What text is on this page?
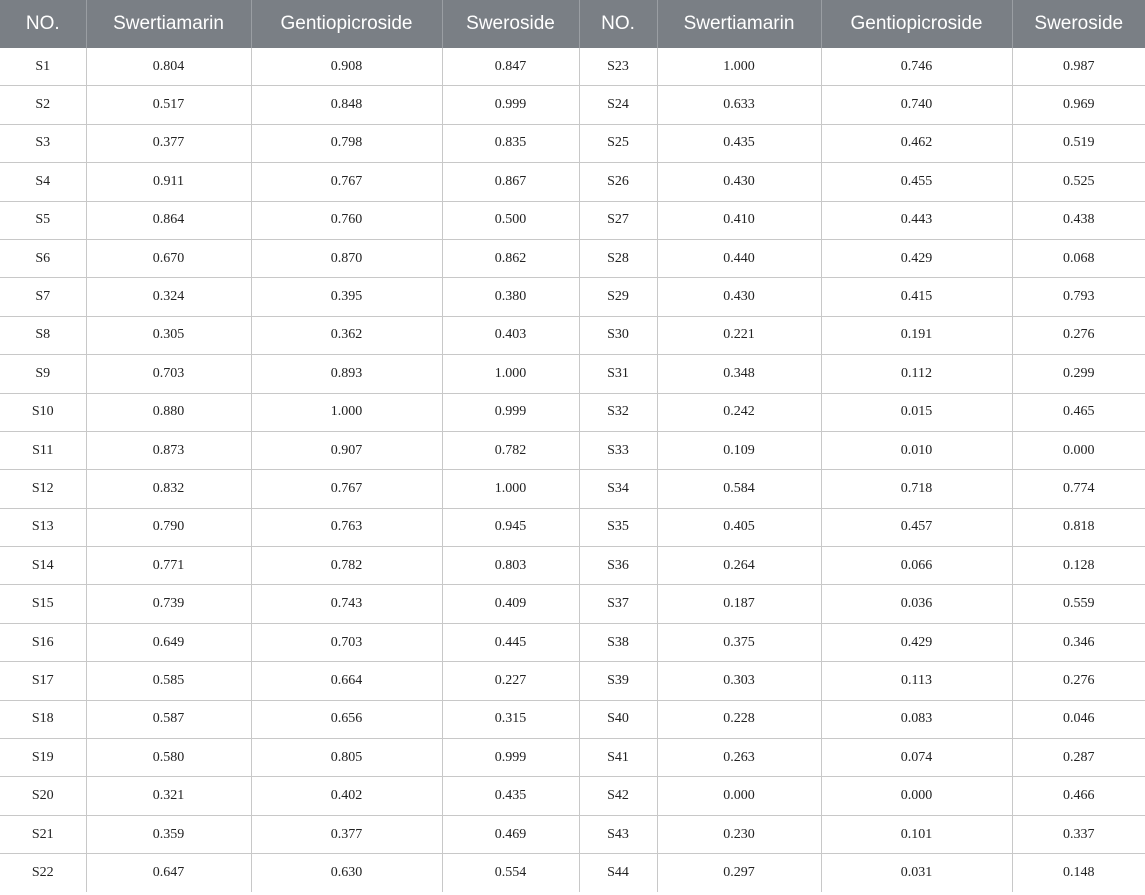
NO.	Swertiamarin	Gentiopicroside	Sweroside	NO.	Swertiamarin	Gentiopicroside	Sweroside
S1	0.804	0.908	0.847	S23	1.000	0.746	0.987
S2	0.517	0.848	0.999	S24	0.633	0.740	0.969
S3	0.377	0.798	0.835	S25	0.435	0.462	0.519
S4	0.911	0.767	0.867	S26	0.430	0.455	0.525
S5	0.864	0.760	0.500	S27	0.410	0.443	0.438
S6	0.670	0.870	0.862	S28	0.440	0.429	0.068
S7	0.324	0.395	0.380	S29	0.430	0.415	0.793
S8	0.305	0.362	0.403	S30	0.221	0.191	0.276
S9	0.703	0.893	1.000	S31	0.348	0.112	0.299
S10	0.880	1.000	0.999	S32	0.242	0.015	0.465
S11	0.873	0.907	0.782	S33	0.109	0.010	0.000
S12	0.832	0.767	1.000	S34	0.584	0.718	0.774
S13	0.790	0.763	0.945	S35	0.405	0.457	0.818
S14	0.771	0.782	0.803	S36	0.264	0.066	0.128
S15	0.739	0.743	0.409	S37	0.187	0.036	0.559
S16	0.649	0.703	0.445	S38	0.375	0.429	0.346
S17	0.585	0.664	0.227	S39	0.303	0.113	0.276
S18	0.587	0.656	0.315	S40	0.228	0.083	0.046
S19	0.580	0.805	0.999	S41	0.263	0.074	0.287
S20	0.321	0.402	0.435	S42	0.000	0.000	0.466
S21	0.359	0.377	0.469	S43	0.230	0.101	0.337
S22	0.647	0.630	0.554	S44	0.297	0.031	0.148
